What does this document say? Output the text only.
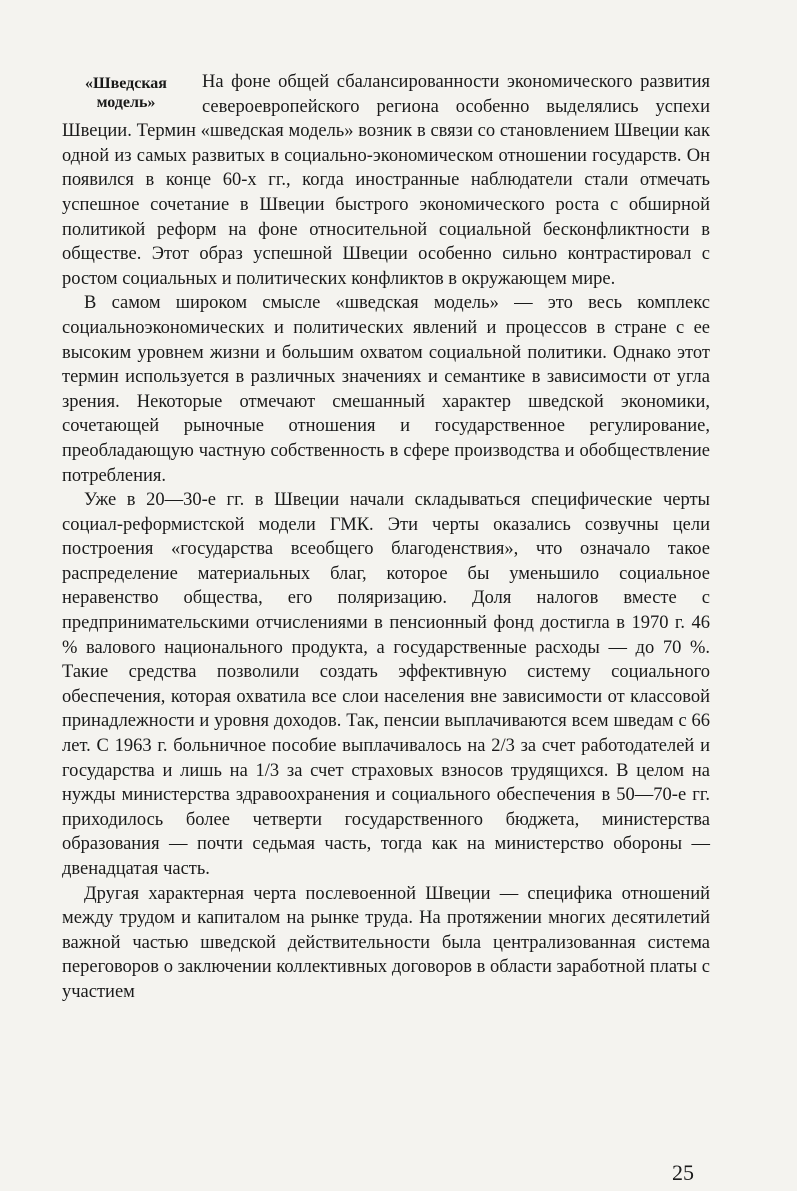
«Шведская модель»

На фоне общей сбалансированности экономического развития североевропейского региона особенно выделялись успехи Швеции. Термин «шведская модель» возник в связи со становлением Швеции как одной из самых развитых в социально-экономическом отношении государств. Он появился в конце 60-х гг., когда иностранные наблюдатели стали отмечать успешное сочетание в Швеции быстрого экономического роста с обширной политикой реформ на фоне относительной социальной бесконфликтности в обществе. Этот образ успешной Швеции особенно сильно контрастировал с ростом социальных и политических конфликтов в окружающем мире.

В самом широком смысле «шведская модель» — это весь комплекс социальноэкономических и политических явлений и процессов в стране с ее высоким уровнем жизни и большим охватом социальной политики. Однако этот термин используется в различных значениях и семантике в зависимости от угла зрения. Некоторые отмечают смешанный характер шведской экономики, сочетающей рыночные отношения и государственное регулирование, преобладающую частную собственность в сфере производства и обобществление потребления.

Уже в 20—30-е гг. в Швеции начали складываться специфические черты социал-реформистской модели ГМК. Эти черты оказались созвучны цели построения «государства всеобщего благоденствия», что означало такое распределение материальных благ, которое бы уменьшило социальное неравенство общества, его поляризацию. Доля налогов вместе с предпринимательскими отчислениями в пенсионный фонд достигла в 1970 г. 46 % валового национального продукта, а государственные расходы — до 70 %. Такие средства позволили создать эффективную систему социального обеспечения, которая охватила все слои населения вне зависимости от классовой принадлежности и уровня доходов. Так, пенсии выплачиваются всем шведам с 66 лет. С 1963 г. больничное пособие выплачивалось на 2/3 за счет работодателей и государства и лишь на 1/3 за счет страховых взносов трудящихся. В целом на нужды министерства здравоохранения и социального обеспечения в 50—70-е гг. приходилось более четверти государственного бюджета, министерства образования — почти седьмая часть, тогда как на министерство обороны — двенадцатая часть.

Другая характерная черта послевоенной Швеции — специфика отношений между трудом и капиталом на рынке труда. На протяжении многих десятилетий важной частью шведской действительности была централизованная система переговоров о заключении коллективных договоров в области заработной платы с участием

25
